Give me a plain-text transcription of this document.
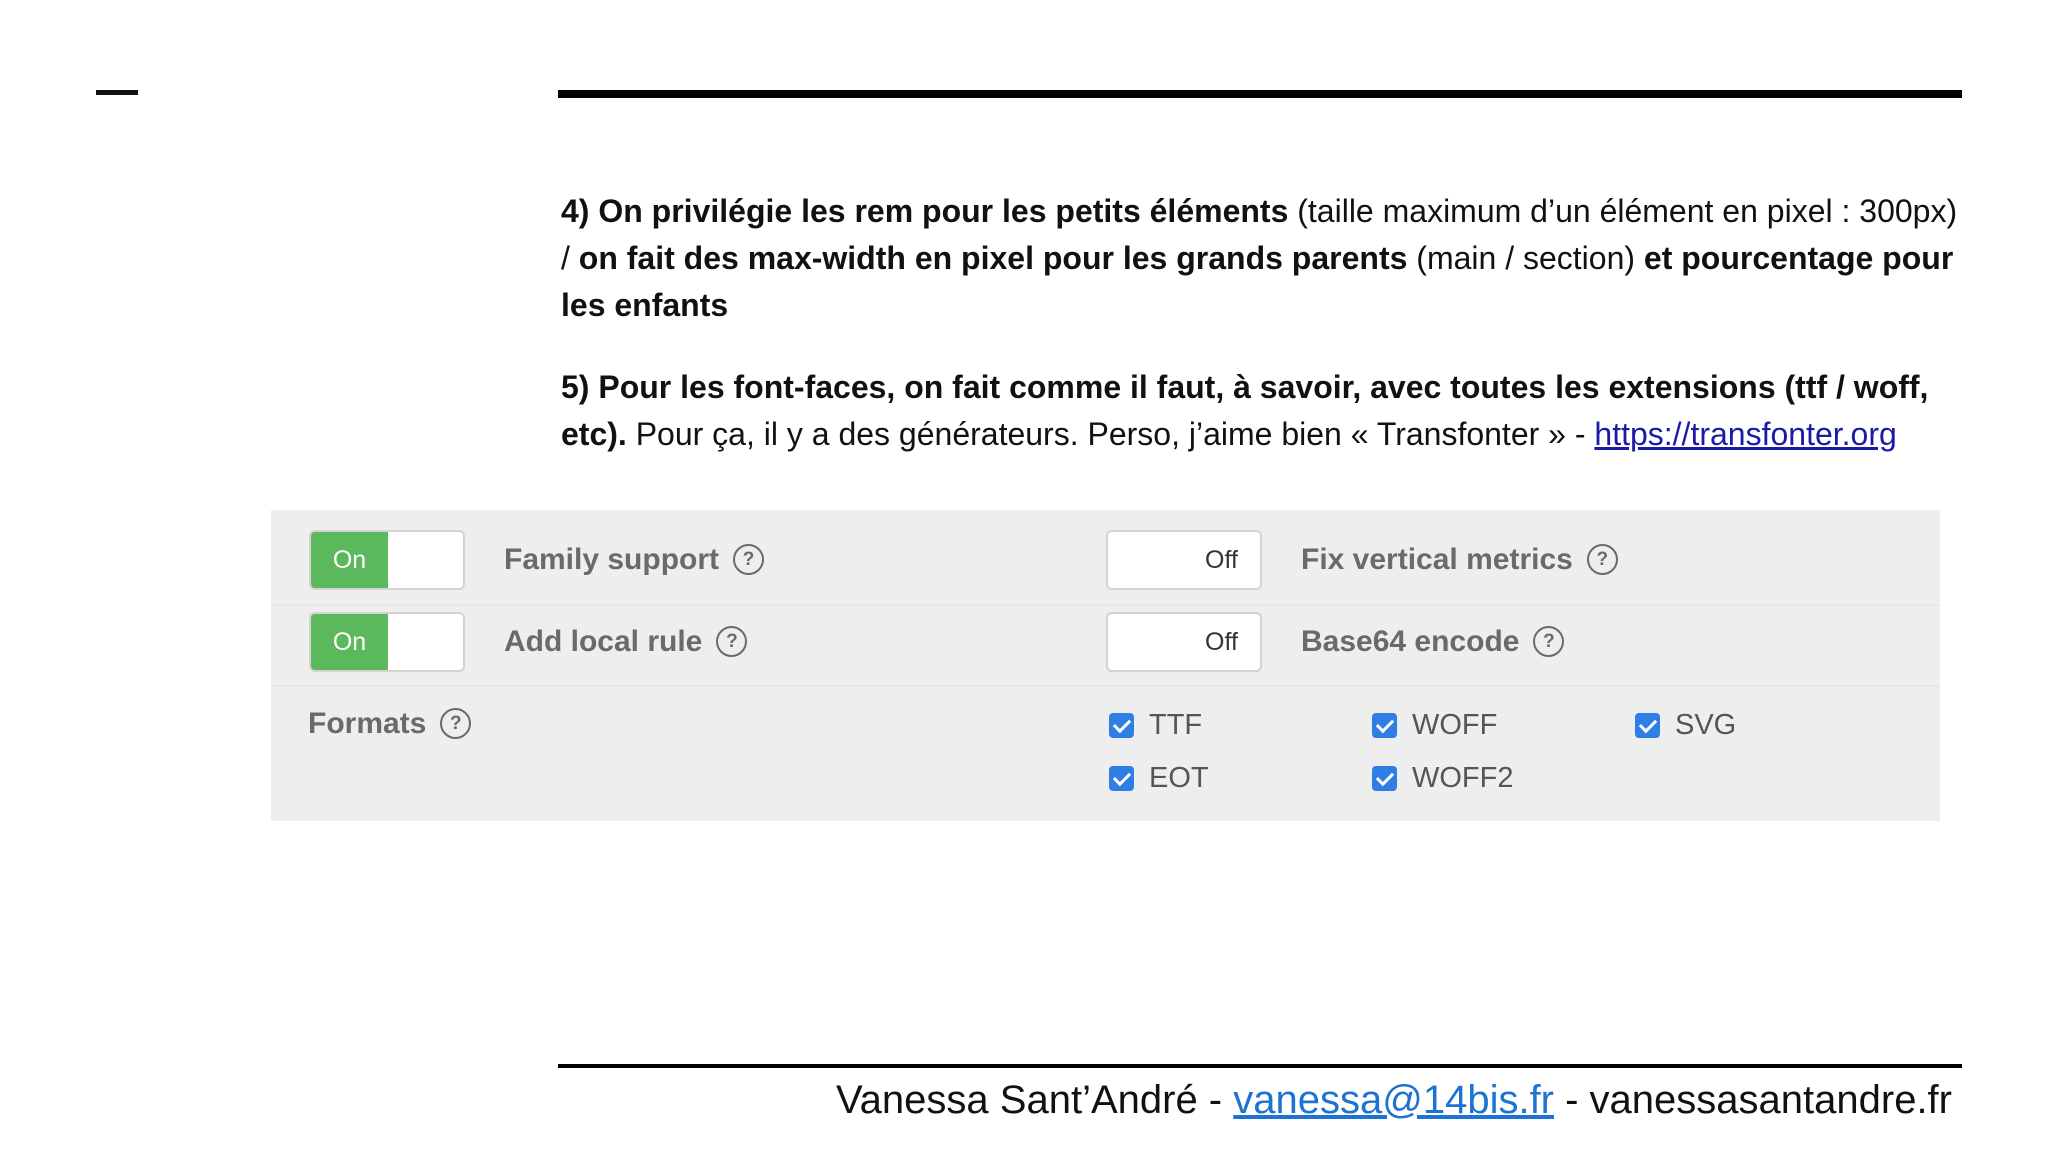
4) On privilégie les rem pour les petits éléments (taille maximum d’un élément en pixel : 300px) / on fait des max-width en pixel pour les grands parents (main / section) et pourcentage pour les enfants
5) Pour les font-faces, on fait comme il faut, à savoir, avec toutes les extensions (ttf / woff, etc). Pour ça, il y a des générateurs. Perso, j’aime bien « Transfonter » - https://transfonter.org
On	Family support ?	Off	Fix vertical metrics ?
On	Add local rule ?	Off	Base64 encode ?
Formats ?	TTF	WOFF	SVG
EOT	WOFF2
Vanessa Sant’André - vanessa@14bis.fr - vanessasantandre.fr
